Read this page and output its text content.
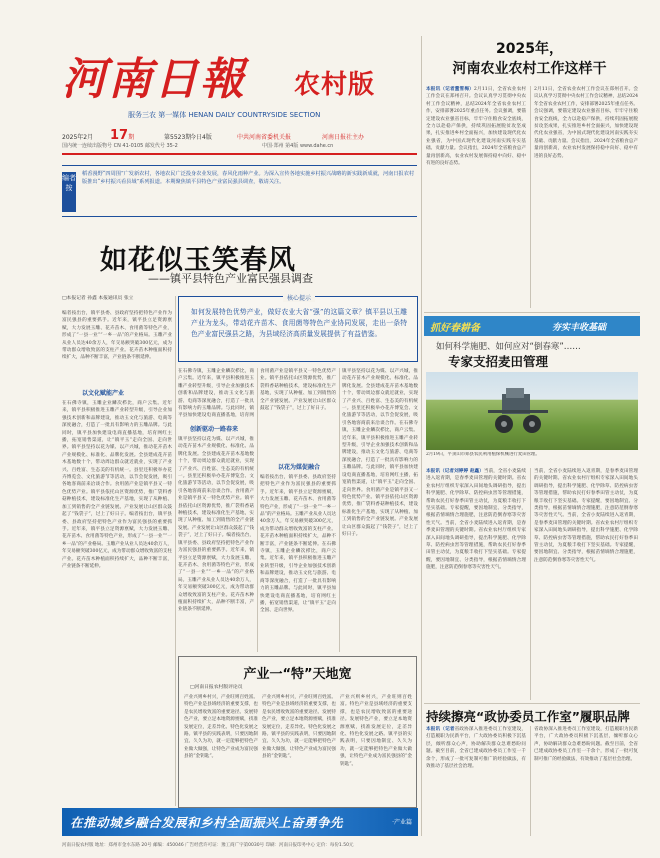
河南日報 农村版
服务三农 第一媒体 HENAN DAILY COUNTRYSIDE SECTION
2025年2月 17期	第5523期
今日4版	中共河南省委机关报	河南日报社主办
国内统一连续出版物号 CN 41-0105 邮发代号 35-2	中国·郑州 第4版 www.dahe.cn
2025年，
河南农业农村工作这样干
本报讯（记者董雪梅）2月11日，全省农业农村工作会议在郑州召开。会议认真学习贯彻中央农村工作会议精神，总结2024年全省农业农村工作，安排部署2025年重点任务。会议强调，要锚定建设农业强省目标，牢牢守住粮食安全底线，全力以赴稳产保供，持续巩固拓展脱贫攻坚成果，扎实推进乡村全面振兴，加快建设现代化农业强省，为中国式现代化建设河南实践夯实基础、贡献力量。会议指出，2024年全省粮食总产量再创新高，农业农村发展保持稳中向好、稳中有进的良好态势。
2月11日，全省农业农村工作会议在郑州召开。会议认真学习贯彻中央农村工作会议精神，总结2024年全省农业农村工作，安排部署2025年重点任务。会议强调，要锚定建设农业强省目标，牢牢守住粮食安全底线，全力以赴稳产保供，持续巩固拓展脱贫攻坚成果，扎实推进乡村全面振兴，加快建设现代化农业强省，为中国式现代化建设河南实践夯实基础、贡献力量。会议指出，2024年全省粮食总产量再创新高，农业农村发展保持稳中向好、稳中有进的良好态势。
编者按
稻香漫野“四周围”广发新农村，各地农民广泛投身农业发展，春风化雨种产业。为深入宣传各地实施乡村振兴战略的新实践新成就，河南日报农村版推出“乡村振兴看县域”系列报道。本期聚焦镇平县特色产业富民强县调查，敬请关注。
如花似玉笑春风
——镇平县特色产业富民强县调查
□本报记者 孙鑫 本报通讯员 张立	核心提示
如何发展特色优势产业，做好农业大省“强”的这篇文章？镇平县以玉雕产业为龙头，带动花卉苗木、食用菌等特色产业协同发展，走出一条特色产业富民强县之路，为县域经济高质量发展提供了有益借鉴。
编者按出台，镇平县委、县政府坚持把特色产业作为富民强县的重要抓手。近年来，镇平县立足资源禀赋，大力发展玉雕、花卉苗木、食用菌等特色产业，形成了“一县一业”“一乡一品”的产业格局。玉雕产业从业人员达40余万人，年交易额突破300亿元，成为带动群众增收致富的支柱产业。花卉苗木种植面积持续扩大，品种不断丰富，产业链条不断延伸。
以文化赋能产业
在石佛寺镇，玉雕企业鳞次栉比，商户云集。近年来，镇平县积极推进玉雕产业转型升级，引导企业加强技术创新和品牌建设，推动玉文化与旅游、电商等深度融合，打造了一批具有影响力的玉雕品牌。与此同时，镇平县加快建设电商直播基地，培育网红主播，拓宽销售渠道，让“镇平玉”走向全国、走向世界。镇平县坚持以花为媒、以产兴城，推动花卉苗木产业规模化、标准化、品牌化发展。全县建成花卉苗木基地数十个，带动周边群众就近就业，实现了产业兴、百姓富、生态美的有机统一。县里还积极举办花卉博览会、文化旅游节等活动，以节会促发展，吸引各地客商前来洽谈合作。食用菌产业是镇平县又一特色优势产业。镇平县依托山区资源优势，推广袋料香菇种植技术，建设标准化生产基地，实现了从种植、加工到销售的全产业链发展。产业发展让山区群众鼓起了“钱袋子”，过上了好日子。编者按出台，镇平县委、县政府坚持把特色产业作为富民强县的重要抓手。近年来，镇平县立足资源禀赋，大力发展玉雕、花卉苗木、食用菌等特色产业，形成了“一县一业”“一乡一品”的产业格局。玉雕产业从业人员达40余万人，年交易额突破300亿元，成为带动群众增收致富的支柱产业。花卉苗木种植面积持续扩大，品种不断丰富，产业链条不断延伸。
在石佛寺镇，玉雕企业鳞次栉比，商户云集。近年来，镇平县积极推进玉雕产业转型升级，引导企业加强技术创新和品牌建设，推动玉文化与旅游、电商等深度融合，打造了一批具有影响力的玉雕品牌。与此同时，镇平县加快建设电商直播基地，培育网
创新驱动一路春来
镇平县坚持以花为媒、以产兴城，推动花卉苗木产业规模化、标准化、品牌化发展。全县建成花卉苗木基地数十个，带动周边群众就近就业，实现了产业兴、百姓富、生态美的有机统一。县里还积极举办花卉博览会、文化旅游节等活动，以节会促发展，吸引各地客商前来洽谈合作。食用菌产业是镇平县又一特色优势产业。镇平县依托山区资源优势，推广袋料香菇种植技术，建设标准化生产基地，实现了从种植、加工到销售的全产业链发展。产业发展让山区群众鼓起了“钱袋子”，过上了好日子。编者按出台，镇平县委、县政府坚持把特色产业作为富民强县的重要抓手。近年来，镇平县立足资源禀赋，大力发展玉雕、花卉苗木、食用菌等特色产业，形成了“一县一业”“一乡一品”的产业格局。玉雕产业从业人员达40余万人，年交易额突破300亿元，成为带动群众增收致富的支柱产业。花卉苗木种植面积持续扩大，品种不断丰富，产业链条不断延伸。
食用菌产业是镇平县又一特色优势产业。镇平县依托山区资源优势，推广袋料香菇种植技术，建设标准化生产基地，实现了从种植、加工到销售的全产业链发展。产业发展让山区群众鼓起了“钱袋子”，过上了好日子。
以花为媒促融合
编者按出台，镇平县委、县政府坚持把特色产业作为富民强县的重要抓手。近年来，镇平县立足资源禀赋，大力发展玉雕、花卉苗木、食用菌等特色产业，形成了“一县一业”“一乡一品”的产业格局。玉雕产业从业人员达40余万人，年交易额突破300亿元，成为带动群众增收致富的支柱产业。花卉苗木种植面积持续扩大，品种不断丰富，产业链条不断延伸。在石佛寺镇，玉雕企业鳞次栉比，商户云集。近年来，镇平县积极推进玉雕产业转型升级，引导企业加强技术创新和品牌建设，推动玉文化与旅游、电商等深度融合，打造了一批具有影响力的玉雕品牌。与此同时，镇平县加快建设电商直播基地，培育网红主播，拓宽销售渠道，让“镇平玉”走向全国、走向世界。
镇平县坚持以花为媒、以产兴城，推动花卉苗木产业规模化、标准化、品牌化发展。全县建成花卉苗木基地数十个，带动周边群众就近就业，实现了产业兴、百姓富、生态美的有机统一。县里还积极举办花卉博览会、文化旅游节等活动，以节会促发展，吸引各地客商前来洽谈合作。在石佛寺镇，玉雕企业鳞次栉比，商户云集。近年来，镇平县积极推进玉雕产业转型升级，引导企业加强技术创新和品牌建设，推动玉文化与旅游、电商等深度融合，打造了一批具有影响力的玉雕品牌。与此同时，镇平县加快建设电商直播基地，培育网红主播，拓宽销售渠道，让“镇平玉”走向全国、走向世界。食用菌产业是镇平县又一特色优势产业。镇平县依托山区资源优势，推广袋料香菇种植技术，建设标准化生产基地，实现了从种植、加工到销售的全产业链发展。产业发展让山区群众鼓起了“钱袋子”，过上了好日子。
产业一“特”天地宽
□河南日报农村版评论员
产业兴则乡村兴，产业旺则百姓富。特色产业是县域经济的重要支撑，也是农民增收致富的重要途径。发展特色产业，要立足本地资源禀赋，找准发展定位，走差异化、特色化发展之路。镇平县的实践表明，只要因地制宜、久久为功，就一定能够把特色产业做大做强，让特色产业成为富民强县的“金钥匙”。
产业兴则乡村兴，产业旺则百姓富。特色产业是县域经济的重要支撑，也是农民增收致富的重要途径。发展特色产业，要立足本地资源禀赋，找准发展定位，走差异化、特色化发展之路。镇平县的实践表明，只要因地制宜、久久为功，就一定能够把特色产业做大做强，让特色产业成为富民强县的“金钥匙”。
产业兴则乡村兴，产业旺则百姓富。特色产业是县域经济的重要支撑，也是农民增收致富的重要途径。发展特色产业，要立足本地资源禀赋，找准发展定位，走差异化、特色化发展之路。镇平县的实践表明，只要因地制宜、久久为功，就一定能够把特色产业做大做强，让特色产业成为富民强县的“金钥匙”。
在推动城乡融合发展和乡村全面振兴上奋勇争先	·产业篇
抓好春耕备	夯实丰收基础
如何科学施肥、如何应对“倒春寒”……
专家支招麦田管理
2月19日，平顶山市郏县农民利用植保机械进行麦田管理。
本报讯（记者刘婷婷 赵鑫）当前，全省小麦陆续进入返青期，是春季麦田管理的关键时期。省农业农村厅组织专家深入田间地头调研指导，提出科学施肥、化学除草、防控病虫害等管理措施，帮助农民打好春季田管主动仗，为夏粮丰收打下坚实基础。专家提醒，要因地制宜、分类指导，根据苗情墒情合理施肥，注意防范倒春寒等灾害性天气。当前，全省小麦陆续进入返青期，是春季麦田管理的关键时期。省农业农村厅组织专家深入田间地头调研指导，提出科学施肥、化学除草、防控病虫害等管理措施，帮助农民打好春季田管主动仗，为夏粮丰收打下坚实基础。专家提醒，要因地制宜、分类指导，根据苗情墒情合理施肥，注意防范倒春寒等灾害性天气。
当前，全省小麦陆续进入返青期，是春季麦田管理的关键时期。省农业农村厅组织专家深入田间地头调研指导，提出科学施肥、化学除草、防控病虫害等管理措施，帮助农民打好春季田管主动仗，为夏粮丰收打下坚实基础。专家提醒，要因地制宜、分类指导，根据苗情墒情合理施肥，注意防范倒春寒等灾害性天气。当前，全省小麦陆续进入返青期，是春季麦田管理的关键时期。省农业农村厅组织专家深入田间地头调研指导，提出科学施肥、化学除草、防控病虫害等管理措施，帮助农民打好春季田管主动仗，为夏粮丰收打下坚实基础。专家提醒，要因地制宜、分类指导，根据苗情墒情合理施肥，注意防范倒春寒等灾害性天气。
持续擦亮“政协委员工作室”履职品牌
本报讯（记者省政协深入推进委员工作室建设，打造履职为民新平台，广大政协委员积极下沉基层，倾听群众心声，协助解决群众急难愁盼问题。截至目前，全省已建成政协委员工作室一千余个，形成了一批可复制可推广的经验做法，有效推动了基层社会治理。
省政协深入推进委员工作室建设，打造履职为民新平台，广大政协委员积极下沉基层，倾听群众心声，协助解决群众急难愁盼问题。截至目前，全省已建成政协委员工作室一千余个，形成了一批可复制可推广的经验做法，有效推动了基层社会治理。
河南日报农村版 地址：郑州市金水东路 20号 邮编：450046 广告经营许可证：豫工商广字第0030号 印刷：河南日报印务中心 定价：每份1.50元
